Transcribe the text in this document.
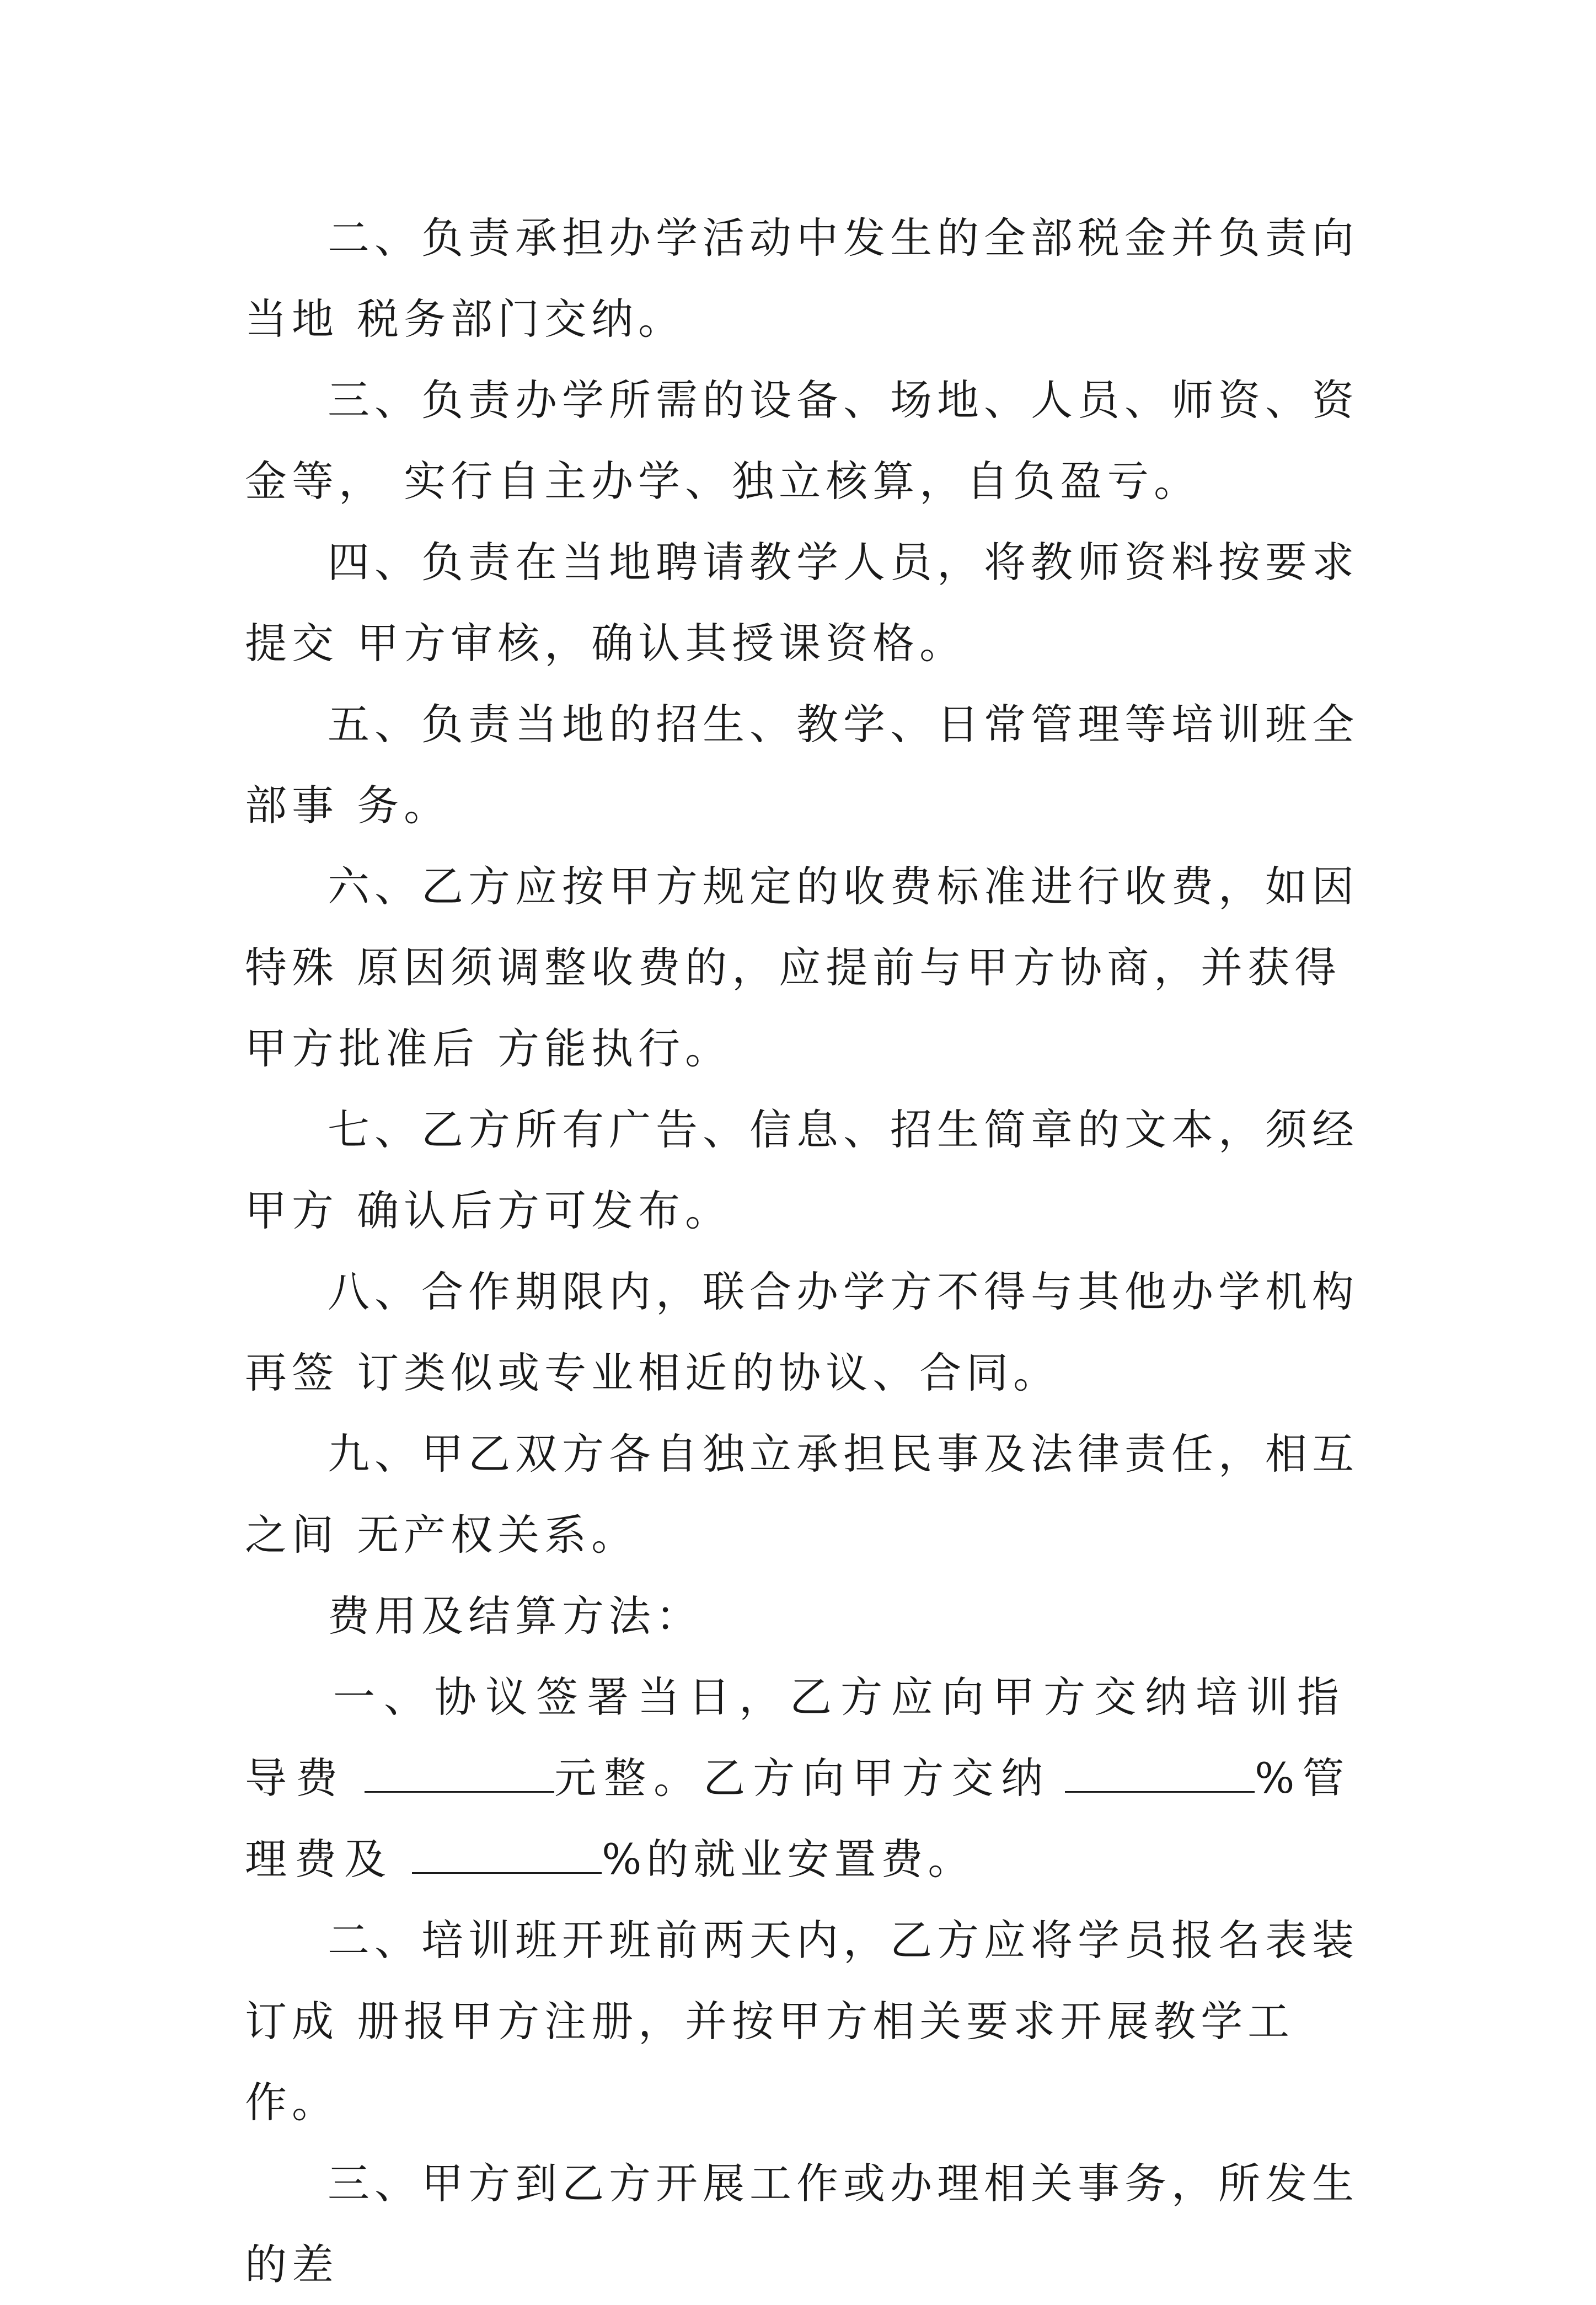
二、负责承担办学活动中发生的全部税金并负责向当地 税务部门交纳。
三、负责办学所需的设备、场地、人员、师资、资金等， 实行自主办学、独立核算，自负盈亏。
四、负责在当地聘请教学人员，将教师资料按要求提交 甲方审核，确认其授课资格。
五、负责当地的招生、教学、日常管理等培训班全部事 务。
六、乙方应按甲方规定的收费标准进行收费，如因特殊 原因须调整收费的，应提前与甲方协商，并获得甲方批准后 方能执行。
七、乙方所有广告、信息、招生简章的文本，须经甲方 确认后方可发布。
八、合作期限内，联合办学方不得与其他办学机构再签 订类似或专业相近的协议、合同。
九、甲乙双方各自独立承担民事及法律责任，相互之间 无产权关系。
费用及结算方法：
一、协议签署当日，乙方应向甲方交纳培训指导费	元整。乙方向甲方交纳	%管理费及	%的就业安置费。
二、培训班开班前两天内，乙方应将学员报名表装订成 册报甲方注册，并按甲方相关要求开展教学工作。
三、甲方到乙方开展工作或办理相关事务，所发生的差
